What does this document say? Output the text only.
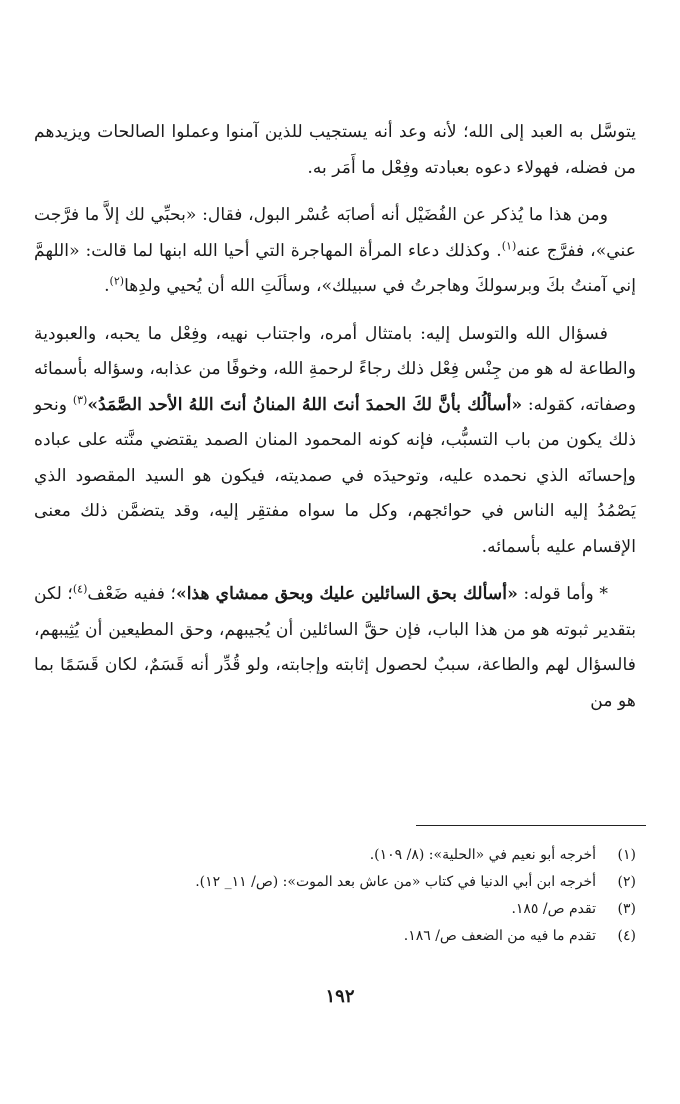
يتوسَّل به العبد إلى الله؛ لأنه وعد أنه يستجيب للذين آمنوا وعملوا الصالحات ويزيدهم من فضله، فهولاء دعوه بعبادته وفِعْل ما أَمَر به.

ومن هذا ما يُذكر عن الفُضَيْل أنه أصابَه عُسْر البول، فقال: «بحبِّي لك إلاَّ ما فرَّجت عني»، ففرَّج عنه$^{(١)}$. وكذلك دعاء المرأة المهاجرة التي أحيا الله ابنها لما قالت: «اللهمَّ إني آمنتُ بكَ وبرسولكَ وهاجرتُ في سبيلك»، وسألَتِ الله أن يُحيي ولدِها$^{(٢)}$.

فسؤال الله والتوسل إليه: بامتثال أمره، واجتناب نهيه، وفِعْل ما يحبه، والعبودية والطاعة له هو من جِنْس فِعْل ذلك رجاءً لرحمةِ الله، وخوفًا من عذابه، وسؤاله بأسمائه وصفاته، كقوله: «أسألُك بأنَّ لكَ الحمدَ أنتَ اللهُ المنانُ أنتَ اللهُ الأحد الصَّمَدُ»$^{(٣)}$ ونحو ذلك يكون من باب التسبُّب، فإنه كونه المحمود المنان الصمد يقتضي منَّته على عباده وإحسانَه الذي نحمده عليه، وتوحيدَه في صمديته، فيكون هو السيد المقصود الذي يَصْمُدُ إليه الناس في حوائجهم، وكل ما سواه مفتقِر إليه، وقد يتضمَّن ذلك معنى الإقسام عليه بأسمائه.

* وأما قوله: «أسألك بحق السائلين عليك وبحق ممشاي هذا»؛ ففيه ضَعْف$^{(٤)}$؛ لكن بتقدير ثبوته هو من هذا الباب، فإن حقَّ السائلين أن يُجيبهم، وحق المطيعين أن يُثِيبهم، فالسؤال لهم والطاعة، سببٌ لحصول إثابته وإجابته، ولو قُدِّر أنه قَسَمٌ، لكان قَسَمًا بما هو من

(١)
أخرجه أبو نعيم في «الحلية»: (٨/ ١٠٩).
(٢)
أخرجه ابن أبي الدنيا في كتاب «من عاش بعد الموت»: (ص/ ١١_ ١٢).
(٣)
تقدم ص/ ١٨٥.
(٤)
تقدم ما فيه من الضعف ص/ ١٨٦.
١٩٢
